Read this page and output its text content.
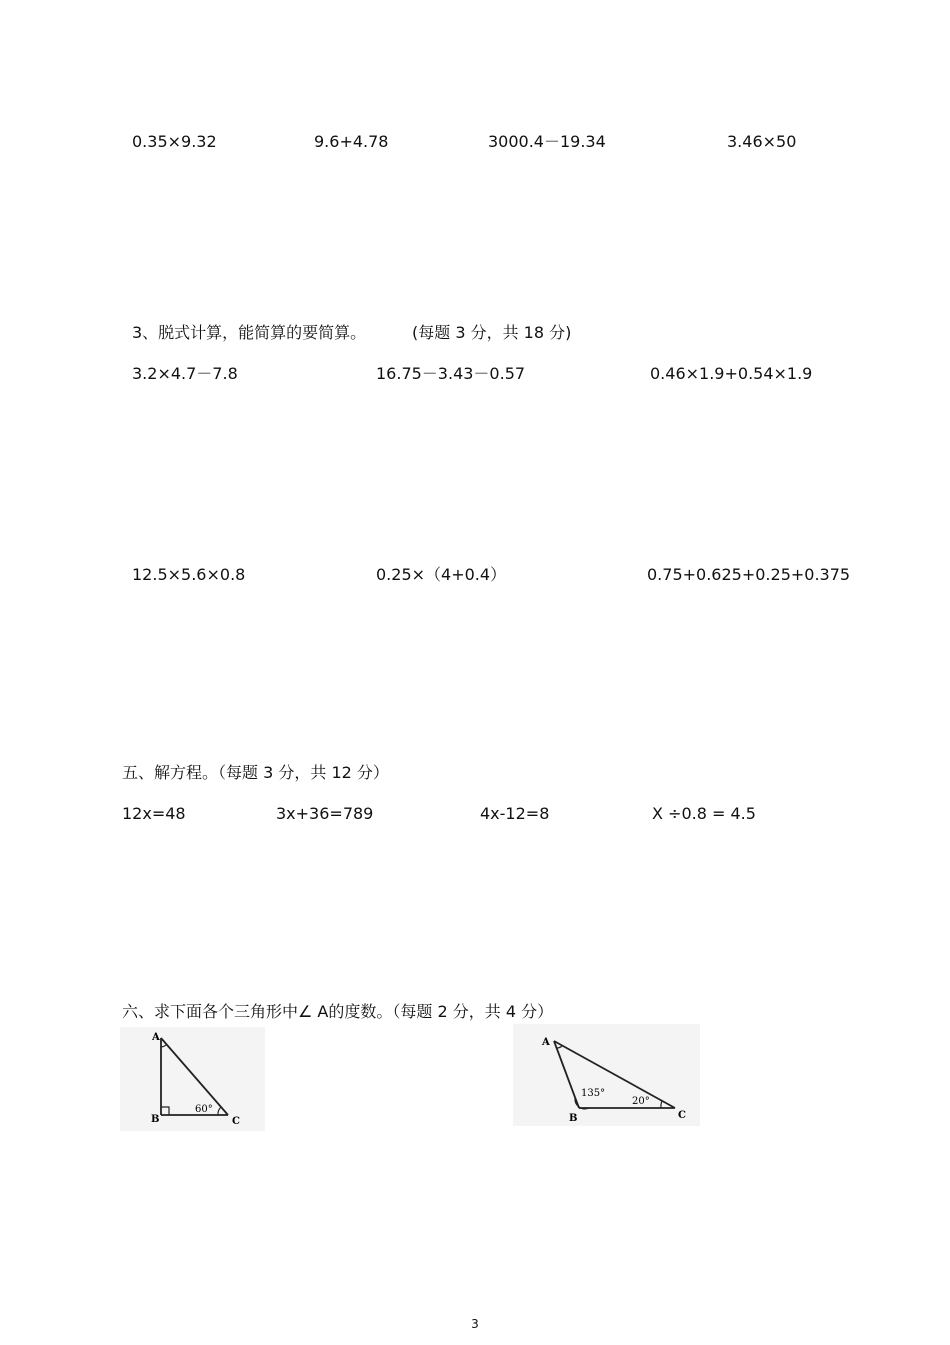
0.35×9.32	9.6+4.78	3000.4－19.34	3.46×50
3、脱式计算，能简算的要简算。	(每题 3 分，共 18 分)
3.2×4.7－7.8	16.75－3.43－0.57	0.46×1.9+0.54×1.9
12.5×5.6×0.8	0.25×（4+0.4）	0.75+0.625+0.25+0.375
五、解方程。（每题 3 分，共 12 分）
12x=48	3x+36=789	4x-12=8	X ÷0.8 = 4.5
六、求下面各个三角形中∠ A的度数。（每题 2 分，共 4 分）
A
B	C
60°
A
B	C
135°
20°
3
